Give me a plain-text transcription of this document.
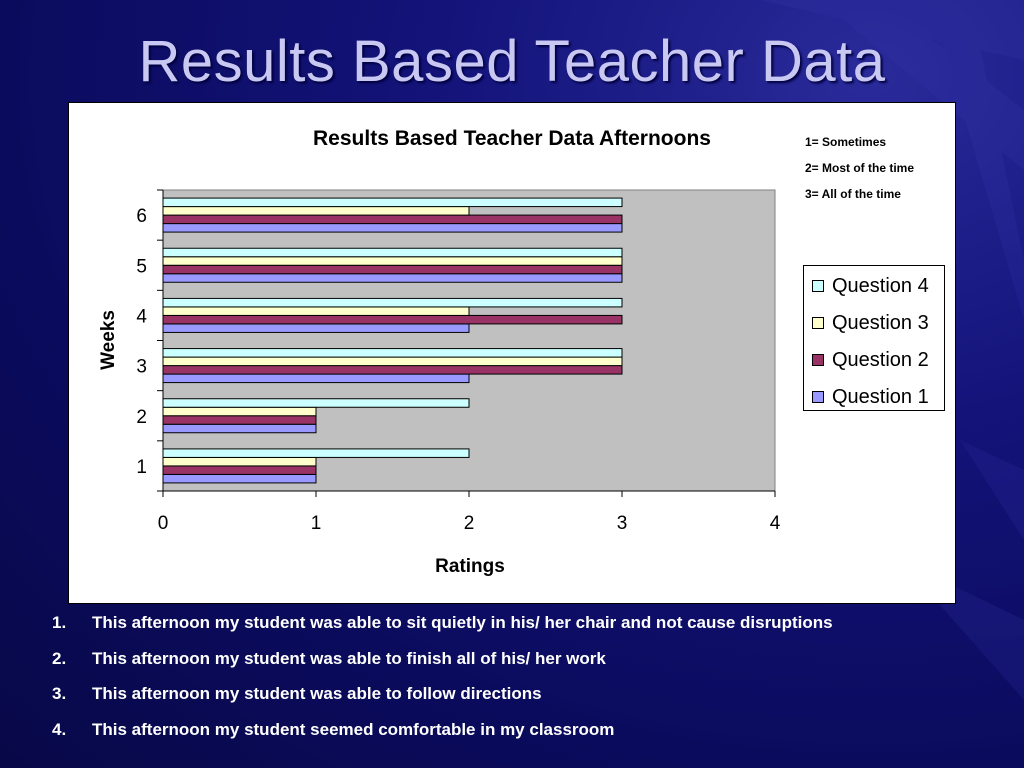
Results Based Teacher Data
Results Based Teacher Data Afternoons
Ratings
Weeks
1
2
3
4
5
6
0	1	2	3	4
1= Sometimes
2= Most of the time
3= All of the time
Question 4
Question 3
Question 2
Question 1
1.	This afternoon my student was able to sit quietly in his/ her chair and not cause disruptions
2.	This afternoon my student was able to finish all of his/ her work
3.	This afternoon my student was able to follow directions
4.	This afternoon my student seemed comfortable in my classroom
